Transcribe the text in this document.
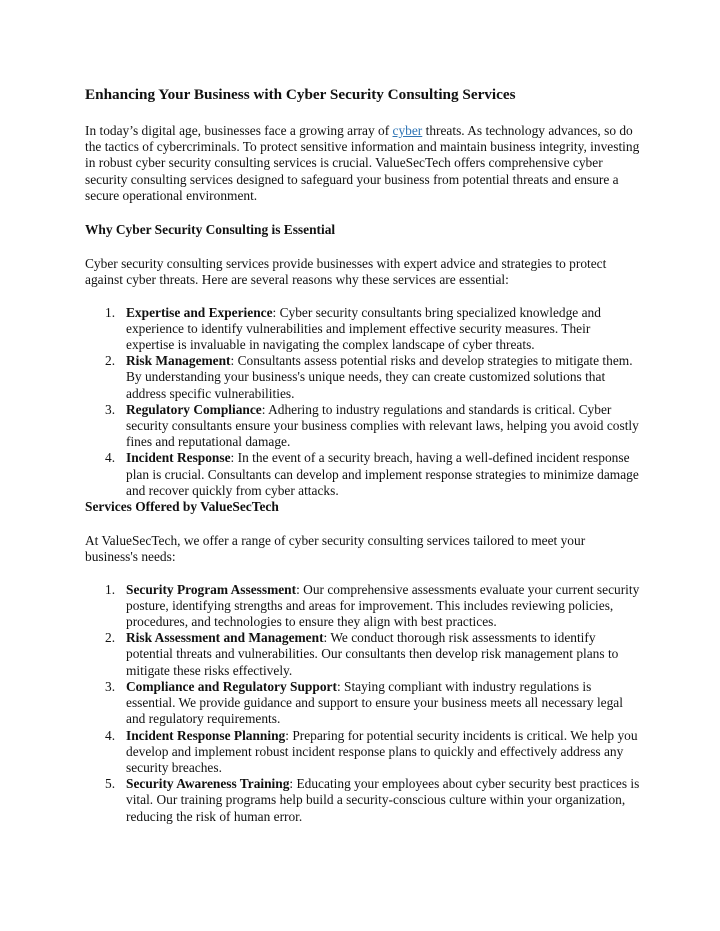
Enhancing Your Business with Cyber Security Consulting Services

In today’s digital age, businesses face a growing array of cyber threats. As technology advances, so do the tactics of cybercriminals. To protect sensitive information and maintain business integrity, investing in robust cyber security consulting services is crucial. ValueSecTech offers comprehensive cyber security consulting services designed to safeguard your business from potential threats and ensure a secure operational environment.

Why Cyber Security Consulting is Essential

Cyber security consulting services provide businesses with expert advice and strategies to protect against cyber threats. Here are several reasons why these services are essential:

1. Expertise and Experience: Cyber security consultants bring specialized knowledge and experience to identify vulnerabilities and implement effective security measures. Their expertise is invaluable in navigating the complex landscape of cyber threats.
2. Risk Management: Consultants assess potential risks and develop strategies to mitigate them. By understanding your business's unique needs, they can create customized solutions that address specific vulnerabilities.
3. Regulatory Compliance: Adhering to industry regulations and standards is critical. Cyber security consultants ensure your business complies with relevant laws, helping you avoid costly fines and reputational damage.
4. Incident Response: In the event of a security breach, having a well-defined incident response plan is crucial. Consultants can develop and implement response strategies to minimize damage and recover quickly from cyber attacks.
Services Offered by ValueSecTech

At ValueSecTech, we offer a range of cyber security consulting services tailored to meet your business's needs:

1. Security Program Assessment: Our comprehensive assessments evaluate your current security posture, identifying strengths and areas for improvement. This includes reviewing policies, procedures, and technologies to ensure they align with best practices.
2. Risk Assessment and Management: We conduct thorough risk assessments to identify potential threats and vulnerabilities. Our consultants then develop risk management plans to mitigate these risks effectively.
3. Compliance and Regulatory Support: Staying compliant with industry regulations is essential. We provide guidance and support to ensure your business meets all necessary legal and regulatory requirements.
4. Incident Response Planning: Preparing for potential security incidents is critical. We help you develop and implement robust incident response plans to quickly and effectively address any security breaches.
5. Security Awareness Training: Educating your employees about cyber security best practices is vital. Our training programs help build a security-conscious culture within your organization, reducing the risk of human error.
